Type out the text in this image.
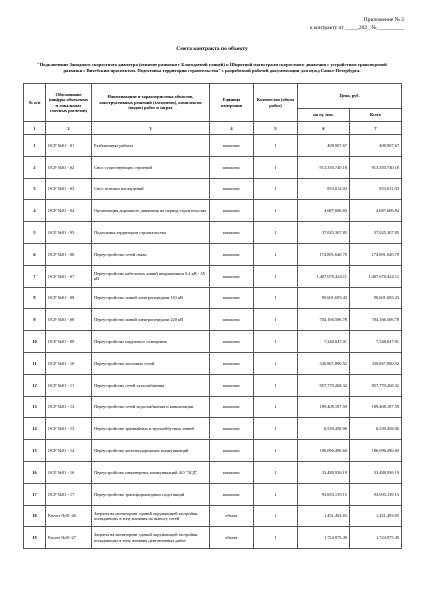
Приложение № 2
к контракту от _____202_ №__________
Смета контракта по объекту
"Подключение Западного скоростного диаметра (отнятие развязки с Благодатной улицей) к Широтной магистрали скоростного движения с устройством транспортной развязки с Витебским проспектом. Подготовка территории строительства" с разработкой рабочей документации для нужд Санкт-Петербурга.
№ п/п	Обоснование (шифры объектных и локальных сметных расчетов)	Наименование и характеристика объектов, конструктивных решений (элементов), комплексов (видов) работ и затрат	Единица измерения	Количество (объем работ)	Цена, руб.	
					на ед. изм.	Всего
1	2	3	4	5	6	7
1	ОСР №01 - 01	Разбивочные работы	комплекс	1	408,907.67	408,907.67
2	ОСР №01 - 02	Снос существующих строений	комплекс	1	913,350,740.18	913,350,740.18
3	ОСР №01 - 03	Снос зеленых насаждений	комплекс	1	853,012.03	853,012.03
4	ОСР №01 - 04	Организация дорожного движения на период строительства	комплекс	1	4,687,606.84	4,687,606.84
5	ОСР №01 - 05	Подготовка территории строительства	комплекс	1	37,025,307.85	37,025,307.85
6	ОСР №01 - 06	Переустройство сетей связи	комплекс	1	174,891,640.79	174,891,640.79
7	ОСР №01 - 07	Переустройство кабельных линий напряжением 0,4 кВ - 35 кВ	комплекс	1	1,407,670,424.11	1,407,670,424.11
8	ОСР №01 - 08	Переустройство линий электропередачи 110 кВ	комплекс	1	90,601,695.43	90,601,695.43
9	ОСР №01 - 08	Переустройство линий электропередачи 220 кВ	комплекс	1	704,166,506.78	704,166,506.78
10	ОСР №01 - 09	Переустройство наружного освещения	комплекс	1	7,348,047.01	7,348,047.01
11	ОСР №01 - 10	Переустройство тепловых сетей	комплекс	1	330,867,890.52	330,867,890.52
12	ОСР №01 - 11	Переустройство сетей газоснабжения	комплекс	1	857,779,268.32	857,779,268.32
13	ОСР №01 - 12	Переустройство сетей водоснабжения и канализации	комплекс	1	189,408,187.59	189,408,187.59
14	ОСР №01 - 13	Переустройство трамвайных и троллейбусных линий	комплекс	1	6,539,458.06	6,539,458.06
15	ОСР №01 - 14	Переустройство железнодорожных коммуникаций	комплекс	1	186,096,496.60	186,096,496.60
16	ОСР №01 - 16	Переустройство инженерных коммуникаций АО "ЗСД"	комплекс	1	33,488,936.19	33,488,936.19
17	ОСР №01 - 17	Переустройство трансформаторных подстанций	комплекс	1	93,693,139.15	93,693,139.15
18	Расчет №01-26	Затраты на мониторинг зданий окружающей застройки, попадающих в зону влияния по выносу сетей	объект	1	1,451,493.65	1,451,493.65
19	Расчет №01-27	Затраты на мониторинг зданий окружающей застройки, попадающих в зону влияния демонтажных работ	объект	1	1,724,975.49	1,724,975.49
